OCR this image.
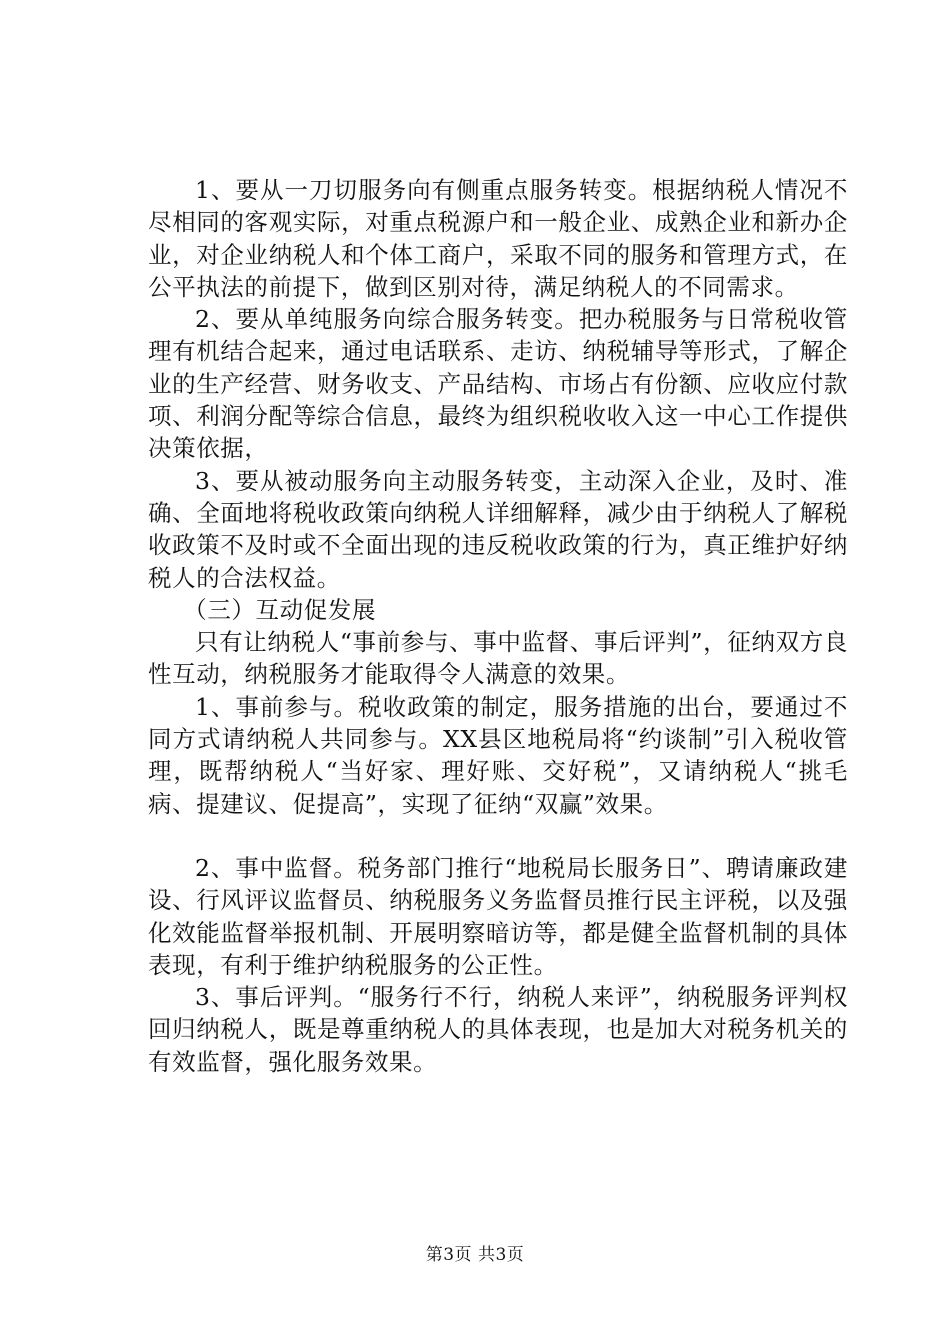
1、要从一刀切服务向有侧重点服务转变。根据纳税人情况不尽相同的客观实际，对重点税源户和一般企业、成熟企业和新办企业，对企业纳税人和个体工商户，采取不同的服务和管理方式，在公平执法的前提下，做到区别对待，满足纳税人的不同需求。

2、要从单纯服务向综合服务转变。把办税服务与日常税收管理有机结合起来，通过电话联系、走访、纳税辅导等形式，了解企业的生产经营、财务收支、产品结构、市场占有份额、应收应付款项、利润分配等综合信息，最终为组织税收收入这一中心工作提供决策依据，

3、要从被动服务向主动服务转变，主动深入企业，及时、准确、全面地将税收政策向纳税人详细解释，减少由于纳税人了解税收政策不及时或不全面出现的违反税收政策的行为，真正维护好纳税人的合法权益。

（三）互动促发展

只有让纳税人“事前参与、事中监督、事后评判”，征纳双方良性互动，纳税服务才能取得令人满意的效果。

1、事前参与。税收政策的制定，服务措施的出台，要通过不同方式请纳税人共同参与。XX县区地税局将“约谈制”引入税收管理，既帮纳税人“当好家、理好账、交好税”，又请纳税人“挑毛病、提建议、促提高”，实现了征纳“双赢”效果。

2、事中监督。税务部门推行“地税局长服务日”、聘请廉政建设、行风评议监督员、纳税服务义务监督员推行民主评税，以及强化效能监督举报机制、开展明察暗访等，都是健全监督机制的具体表现，有利于维护纳税服务的公正性。

3、事后评判。“服务行不行，纳税人来评”，纳税服务评判权回归纳税人，既是尊重纳税人的具体表现，也是加大对税务机关的有效监督，强化服务效果。

第3页 共3页
